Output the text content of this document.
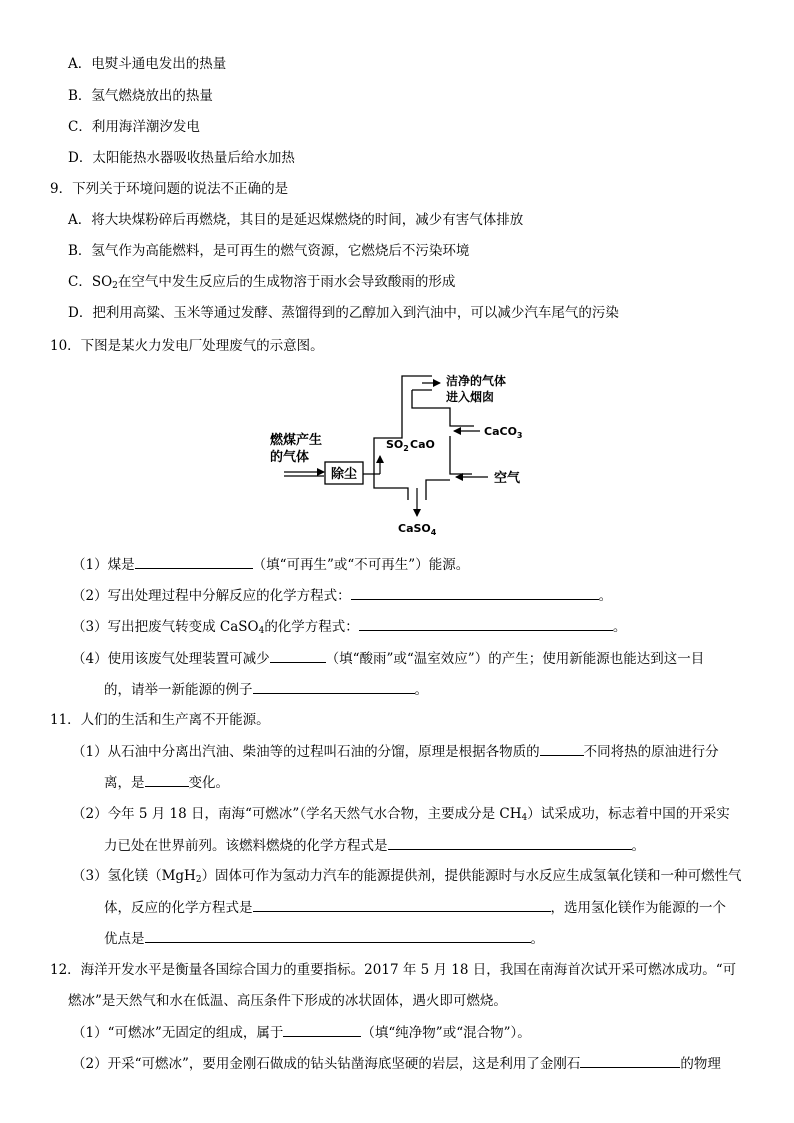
A．电熨斗通电发出的热量
B．氢气燃烧放出的热量
C．利用海洋潮汐发电
D．太阳能热水器吸收热量后给水加热
9．下列关于环境问题的说法不正确的是
A．将大块煤粉碎后再燃烧，其目的是延迟煤燃烧的时间，减少有害气体排放
B．氢气作为高能燃料，是可再生的燃气资源，它燃烧后不污染环境
C．$SO_2$在空气中发生反应后的生成物溶于雨水会导致酸雨的形成
D．把利用高粱、玉米等通过发酵、蒸馏得到的乙醇加入到汽油中，可以减少汽车尾气的污染
10．下图是某火力发电厂处理废气的示意图。
除尘
燃煤产生
的气体
$SO_2$ CaO
洁净的气体
进入烟囱
CaCO$_3$
空气
CaSO$_4$
（1）煤是	（填“可再生”或“不可再生”）能源。
（2）写出处理过程中分解反应的化学方程式：	。
（3）写出把废气转变成 CaSO$_4$的化学方程式：	。
（4）使用该废气处理装置可减少	（填“酸雨”或“温室效应”）的产生；使用新能源也能达到这一目
的，请举一新能源的例子	。
11．人们的生活和生产离不开能源。
（1）从石油中分离出汽油、柴油等的过程叫石油的分馏，原理是根据各物质的	不同将热的原油进行分
离，是	变化。
（2）今年 5 月 18 日，南海“可燃冰”（学名天然气水合物，主要成分是 $CH_4$）试采成功，标志着中国的开采实
力已处在世界前列。该燃料燃烧的化学方程式是	。
（3）氢化镁（MgH$_2$）固体可作为氢动力汽车的能源提供剂，提供能源时与水反应生成氢氧化镁和一种可燃性气
体，反应的化学方程式是	，选用氢化镁作为能源的一个
优点是	。
12．海洋开发水平是衡量各国综合国力的重要指标。2017 年 5 月 18 日，我国在南海首次试开采可燃冰成功。“可
燃冰”是天然气和水在低温、高压条件下形成的冰状固体，遇火即可燃烧。
（1）“可燃冰”无固定的组成，属于	（填“纯净物”或“混合物”）。
（2）开采“可燃冰”，要用金刚石做成的钻头钻凿海底坚硬的岩层，这是利用了金刚石	的物理
